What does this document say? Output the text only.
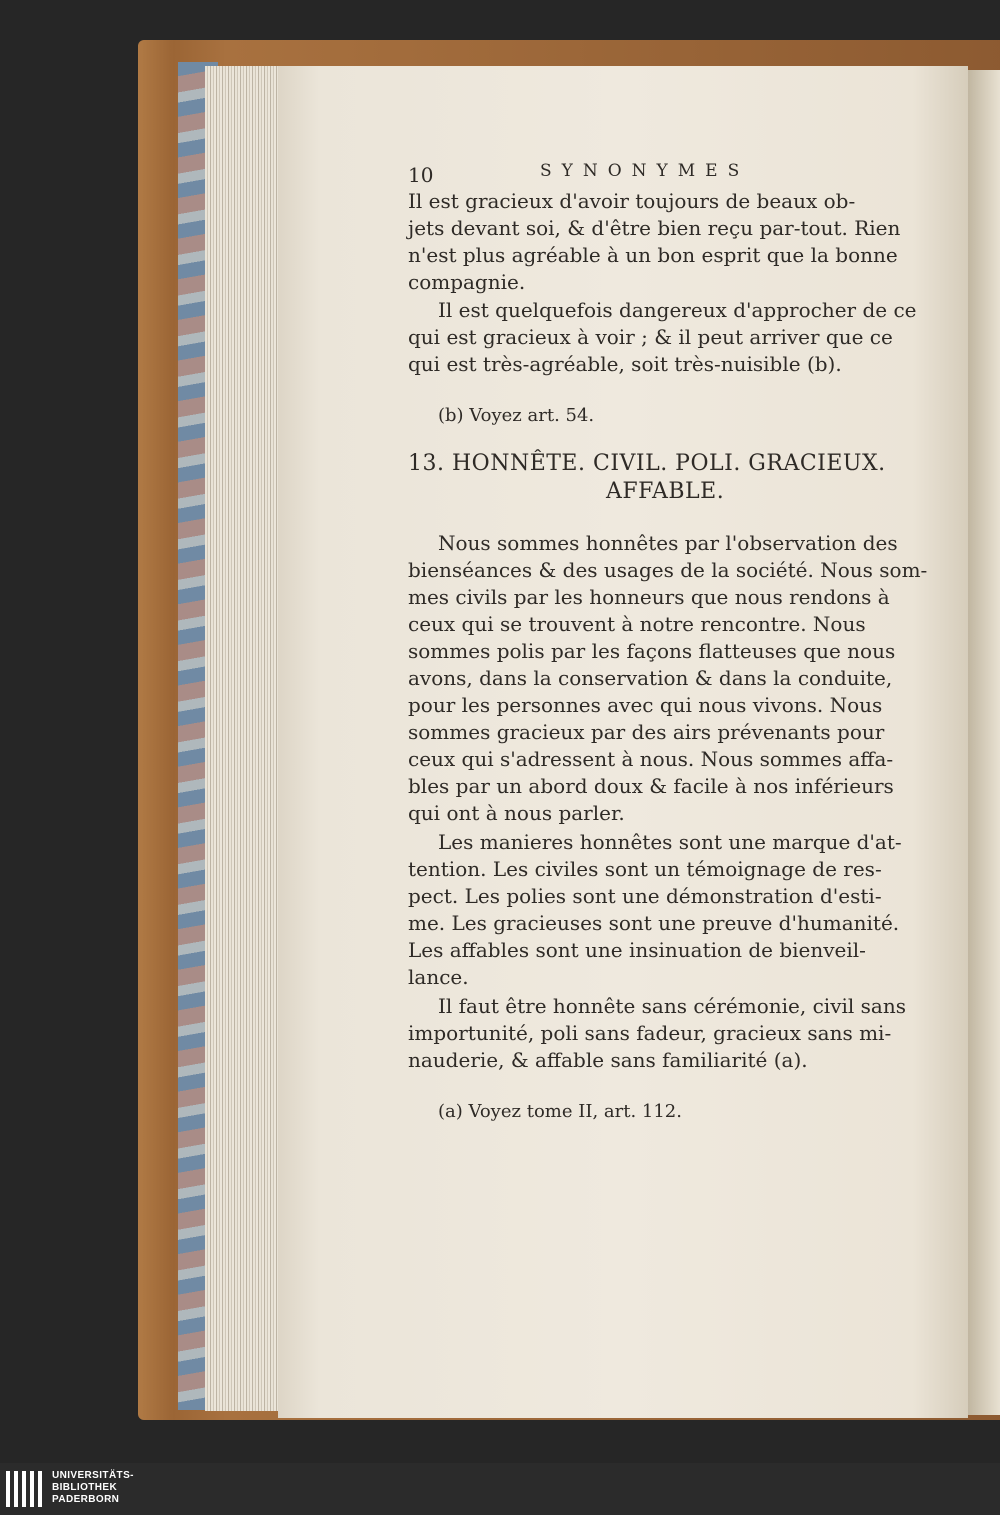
10	SYNONYMES
Il est gracieux d'avoir toujours de beaux ob-
jets devant soi, & d'être bien reçu par-tout. Rien
n'est plus agréable à un bon esprit que la bonne
compagnie.
Il est quelquefois dangereux d'approcher de ce
qui est gracieux à voir ; & il peut arriver que ce
qui est très-agréable, soit très-nuisible (b).
(b) Voyez art. 54.
13. HONNÊTE. CIVIL. POLI. GRACIEUX.
AFFABLE.
Nous sommes honnêtes par l'observation des
bienséances & des usages de la société. Nous som-
mes civils par les honneurs que nous rendons à
ceux qui se trouvent à notre rencontre. Nous
sommes polis par les façons flatteuses que nous
avons, dans la conservation & dans la conduite,
pour les personnes avec qui nous vivons. Nous
sommes gracieux par des airs prévenants pour
ceux qui s'adressent à nous. Nous sommes affa-
bles par un abord doux & facile à nos inférieurs
qui ont à nous parler.
Les manieres honnêtes sont une marque d'at-
tention. Les civiles sont un témoignage de res-
pect. Les polies sont une démonstration d'esti-
me. Les gracieuses sont une preuve d'humanité.
Les affables sont une insinuation de bienveil-
lance.
Il faut être honnête sans cérémonie, civil sans
importunité, poli sans fadeur, gracieux sans mi-
nauderie, & affable sans familiarité (a).
(a) Voyez tome II, art. 112.
UNIVERSITÄTS-
BIBLIOTHEK
PADERBORN
